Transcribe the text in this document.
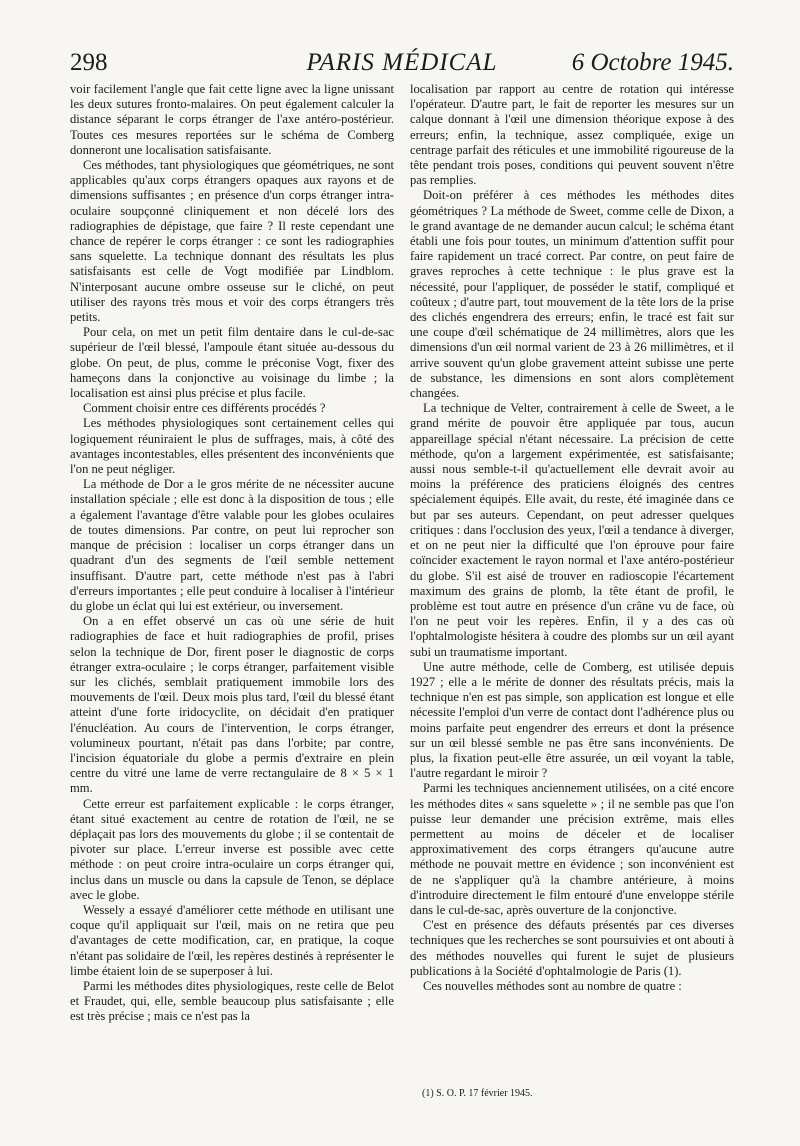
298	PARIS MÉDICAL	6 Octobre 1945.

voir facilement l'angle que fait cette ligne avec la ligne unissant les deux sutures fronto-malaires. On peut également calculer la distance séparant le corps étranger de l'axe antéro-postérieur. Toutes ces mesures reportées sur le schéma de Comberg donneront une localisation satisfaisante.

Ces méthodes, tant physiologiques que géométriques, ne sont applicables qu'aux corps étrangers opaques aux rayons et de dimensions suffisantes ; en présence d'un corps étranger intra-oculaire soupçonné cliniquement et non décelé lors des radiographies de dépistage, que faire ? Il reste cependant une chance de repérer le corps étranger : ce sont les radiographies sans squelette. La technique donnant des résultats les plus satisfaisants est celle de Vogt modifiée par Lindblom. N'interposant aucune ombre osseuse sur le cliché, on peut utiliser des rayons très mous et voir des corps étrangers très petits.

Pour cela, on met un petit film dentaire dans le cul-de-sac supérieur de l'œil blessé, l'ampoule étant située au-dessous du globe. On peut, de plus, comme le préconise Vogt, fixer des hameçons dans la conjonctive au voisinage du limbe ; la localisation est ainsi plus précise et plus facile.

Comment choisir entre ces différents procédés ?

Les méthodes physiologiques sont certainement celles qui logiquement réuniraient le plus de suffrages, mais, à côté des avantages incontestables, elles présentent des inconvénients que l'on ne peut négliger.

La méthode de Dor a le gros mérite de ne nécessiter aucune installation spéciale ; elle est donc à la disposition de tous ; elle a également l'avantage d'être valable pour les globes oculaires de toutes dimensions. Par contre, on peut lui reprocher son manque de précision : localiser un corps étranger dans un quadrant d'un des segments de l'œil semble nettement insuffisant. D'autre part, cette méthode n'est pas à l'abri d'erreurs importantes ; elle peut conduire à localiser à l'intérieur du globe un éclat qui lui est extérieur, ou inversement.

On a en effet observé un cas où une série de huit radiographies de face et huit radiographies de profil, prises selon la technique de Dor, firent poser le diagnostic de corps étranger extra-oculaire ; le corps étranger, parfaitement visible sur les clichés, semblait pratiquement immobile lors des mouvements de l'œil. Deux mois plus tard, l'œil du blessé étant atteint d'une forte iridocyclite, on décidait d'en pratiquer l'énucléation. Au cours de l'intervention, le corps étranger, volumineux pourtant, n'était pas dans l'orbite; par contre, l'incision équatoriale du globe a permis d'extraire en plein centre du vitré une lame de verre rectangulaire de 8 × 5 × 1 mm.

Cette erreur est parfaitement explicable : le corps étranger, étant situé exactement au centre de rotation de l'œil, ne se déplaçait pas lors des mouvements du globe ; il se contentait de pivoter sur place. L'erreur inverse est possible avec cette méthode : on peut croire intra-oculaire un corps étranger qui, inclus dans un muscle ou dans la capsule de Tenon, se déplace avec le globe.

Wessely a essayé d'améliorer cette méthode en utilisant une coque qu'il appliquait sur l'œil, mais on ne retira que peu d'avantages de cette modification, car, en pratique, la coque n'étant pas solidaire de l'œil, les repères destinés à représenter le limbe étaient loin de se superposer à lui.

Parmi les méthodes dites physiologiques, reste celle de Belot et Fraudet, qui, elle, semble beaucoup plus satisfaisante ; elle est très précise ; mais ce n'est pas la

localisation par rapport au centre de rotation qui intéresse l'opérateur. D'autre part, le fait de reporter les mesures sur un calque donnant à l'œil une dimension théorique expose à des erreurs; enfin, la technique, assez compliquée, exige un centrage parfait des réticules et une immobilité rigoureuse de la tête pendant trois poses, conditions qui peuvent souvent n'être pas remplies.

Doit-on préférer à ces méthodes les méthodes dites géométriques ? La méthode de Sweet, comme celle de Dixon, a le grand avantage de ne demander aucun calcul; le schéma étant établi une fois pour toutes, un minimum d'attention suffit pour faire rapidement un tracé correct. Par contre, on peut faire de graves reproches à cette technique : le plus grave est la nécessité, pour l'appliquer, de posséder le statif, compliqué et coûteux ; d'autre part, tout mouvement de la tête lors de la prise des clichés engendrera des erreurs; enfin, le tracé est fait sur une coupe d'œil schématique de 24 millimètres, alors que les dimensions d'un œil normal varient de 23 à 26 millimètres, et il arrive souvent qu'un globe gravement atteint subisse une perte de substance, les dimensions en sont alors complètement changées.

La technique de Velter, contrairement à celle de Sweet, a le grand mérite de pouvoir être appliquée par tous, aucun appareillage spécial n'étant nécessaire. La précision de cette méthode, qu'on a largement expérimentée, est satisfaisante; aussi nous semble-t-il qu'actuellement elle devrait avoir au moins la préférence des praticiens éloignés des centres spécialement équipés. Elle avait, du reste, été imaginée dans ce but par ses auteurs. Cependant, on peut adresser quelques critiques : dans l'occlusion des yeux, l'œil a tendance à diverger, et on ne peut nier la difficulté que l'on éprouve pour faire coïncider exactement le rayon normal et l'axe antéro-postérieur du globe. S'il est aisé de trouver en radioscopie l'écartement maximum des grains de plomb, la tête étant de profil, le problème est tout autre en présence d'un crâne vu de face, où l'on ne peut voir les repères. Enfin, il y a des cas où l'ophtalmologiste hésitera à coudre des plombs sur un œil ayant subi un traumatisme important.

Une autre méthode, celle de Comberg, est utilisée depuis 1927 ; elle a le mérite de donner des résultats précis, mais la technique n'en est pas simple, son application est longue et elle nécessite l'emploi d'un verre de contact dont l'adhérence plus ou moins parfaite peut engendrer des erreurs et dont la présence sur un œil blessé semble ne pas être sans inconvénients. De plus, la fixation peut-elle être assurée, un œil voyant la table, l'autre regardant le miroir ?

Parmi les techniques anciennement utilisées, on a cité encore les méthodes dites « sans squelette » ; il ne semble pas que l'on puisse leur demander une précision extrême, mais elles permettent au moins de déceler et de localiser approximativement des corps étrangers qu'aucune autre méthode ne pouvait mettre en évidence ; son inconvénient est de ne s'appliquer qu'à la chambre antérieure, à moins d'introduire directement le film entouré d'une enveloppe stérile dans le cul-de-sac, après ouverture de la conjonctive.

C'est en présence des défauts présentés par ces diverses techniques que les recherches se sont poursuivies et ont abouti à des méthodes nouvelles qui furent le sujet de plusieurs publications à la Société d'ophtalmologie de Paris (1).

Ces nouvelles méthodes sont au nombre de quatre :

(1) S. O. P. 17 février 1945.
